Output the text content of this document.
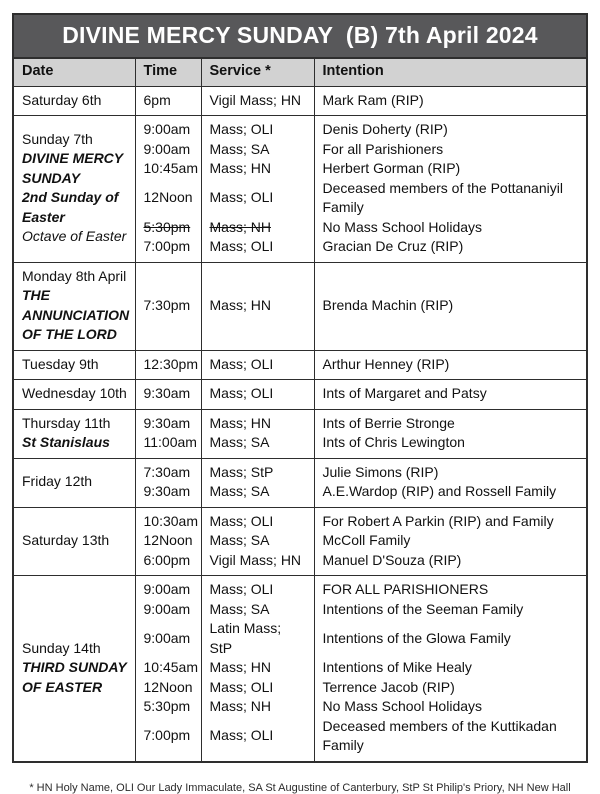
DIVINE MERCY SUNDAY  (B) 7th April 2024
Date	Time	Service *	Intention

Saturday 6th	6pm	Vigil Mass; HN	Mark Ram (RIP)

Sunday 7th
DIVINE MERCY
SUNDAY
2nd Sunday of
Easter
Octave of Easter
	9:00am	Mass; OLI	Denis Doherty (RIP)
	9:00am	Mass; SA	For all Parishioners
	10:45am	Mass; HN	Herbert Gorman (RIP)
	12Noon	Mass; OLI	Deceased members of the Pottananiyil Family
	5:30pm	Mass; NH	No Mass School Holidays
	7:00pm	Mass; OLI	Gracian De Cruz (RIP)

Monday 8th April
THE
ANNUNCIATION
OF THE LORD	7:30pm	Mass; HN	Brenda Machin (RIP)

Tuesday 9th	12:30pm	Mass; OLI	Arthur Henney (RIP)

Wednesday 10th	9:30am	Mass; OLI	Ints of Margaret and Patsy

Thursday 11th
St Stanislaus	9:30am	Mass; HN	Ints of Berrie Stronge
	11:00am	Mass; SA	Ints of Chris Lewington

Friday 12th	7:30am	Mass; StP	Julie Simons (RIP)
	9:30am	Mass; SA	A.E.Wardop (RIP) and Rossell Family

Saturday 13th	10:30am	Mass; OLI	For Robert A Parkin (RIP) and Family
	12Noon	Mass; SA	McColl Family
	6:00pm	Vigil Mass; HN	Manuel D'Souza (RIP)

Sunday 14th
THIRD SUNDAY
OF EASTER	9:00am	Mass; OLI	FOR ALL PARISHIONERS
	9:00am	Mass; SA	Intentions of the Seeman Family
	9:00am	Latin Mass; StP	Intentions of the Glowa Family
	10:45am	Mass; HN	Intentions of Mike Healy
	12Noon	Mass; OLI	Terrence Jacob (RIP)
	5:30pm	Mass; NH	No Mass School Holidays
	7:00pm	Mass; OLI	Deceased members of the Kuttikadan Family
* HN Holy Name, OLI Our Lady Immaculate, SA St Augustine of Canterbury, StP St Philip's Priory, NH New Hall
